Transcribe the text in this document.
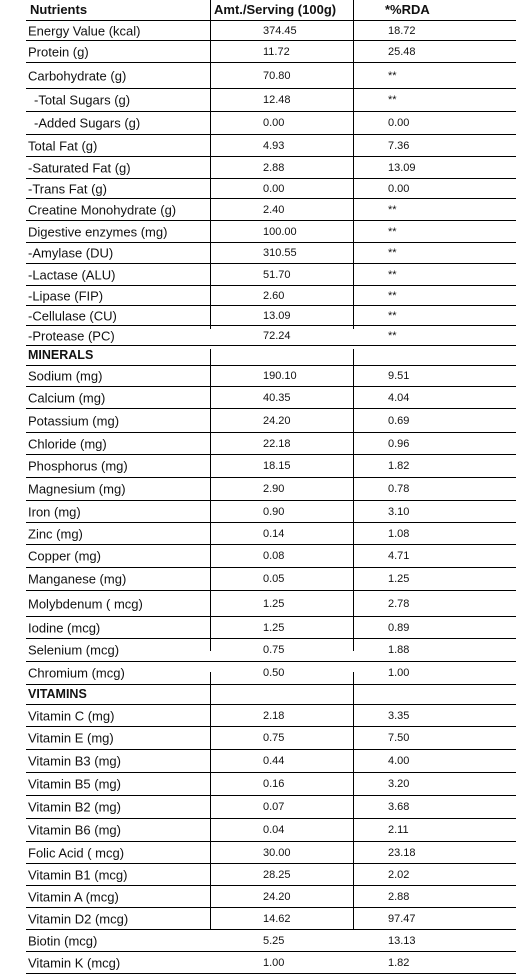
Nutrients	Amt./Serving (100g)	*%RDA
Energy Value (kcal)	374.45	18.72
Protein (g)	11.72	25.48
Carbohydrate (g)	70.80	**
-Total Sugars (g)	12.48	**
-Added Sugars (g)	0.00	0.00
Total Fat (g)	4.93	7.36
-Saturated Fat (g)	2.88	13.09
-Trans Fat (g)	0.00	0.00
Creatine Monohydrate (g)	2.40	**
Digestive enzymes (mg)	100.00	**
-Amylase (DU)	310.55	**
-Lactase (ALU)	51.70	**
-Lipase (FIP)	2.60	**
-Cellulase (CU)	13.09	**
-Protease (PC)	72.24	**
MINERALS
Sodium (mg)	190.10	9.51
Calcium (mg)	40.35	4.04
Potassium (mg)	24.20	0.69
Chloride (mg)	22.18	0.96
Phosphorus (mg)	18.15	1.82
Magnesium (mg)	2.90	0.78
Iron (mg)	0.90	3.10
Zinc (mg)	0.14	1.08
Copper (mg)	0.08	4.71
Manganese (mg)	0.05	1.25
Molybdenum ( mcg)	1.25	2.78
Iodine (mcg)	1.25	0.89
Selenium (mcg)	0.75	1.88
Chromium (mcg)	0.50	1.00
VITAMINS
Vitamin C (mg)	2.18	3.35
Vitamin E (mg)	0.75	7.50
Vitamin B3 (mg)	0.44	4.00
Vitamin B5 (mg)	0.16	3.20
Vitamin B2 (mg)	0.07	3.68
Vitamin B6 (mg)	0.04	2.11
Folic Acid ( mcg)	30.00	23.18
Vitamin B1 (mcg)	28.25	2.02
Vitamin A (mcg)	24.20	2.88
Vitamin D2 (mcg)	14.62	97.47
Biotin (mcg)	5.25	13.13
Vitamin K (mcg)	1.00	1.82
